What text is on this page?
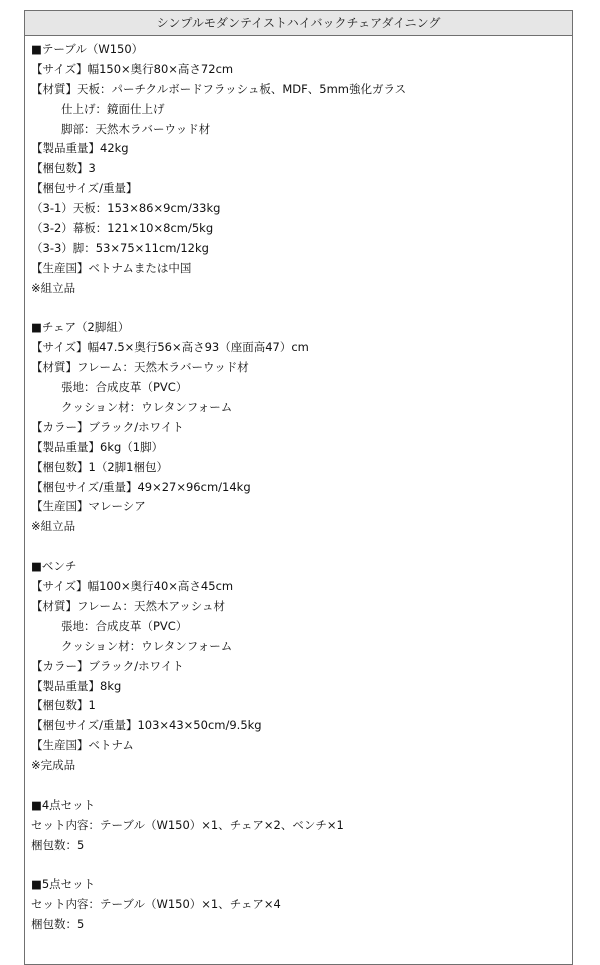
シンプルモダンテイストハイバックチェアダイニング
■テーブル（W150）
【サイズ】幅150×奥行80×高さ72cm
【材質】天板：パーチクルボードフラッシュ板、MDF、5mm強化ガラス
仕上げ：鏡面仕上げ
脚部：天然木ラバーウッド材
【製品重量】42kg
【梱包数】3
【梱包サイズ/重量】
（3-1）天板：153×86×9cm/33kg
（3-2）幕板：121×10×8cm/5kg
（3-3）脚：53×75×11cm/12kg
【生産国】ベトナムまたは中国
※組立品
■チェア（2脚組）
【サイズ】幅47.5×奥行56×高さ93（座面高47）cm
【材質】フレーム：天然木ラバーウッド材
張地：合成皮革（PVC）
クッション材：ウレタンフォーム
【カラー】ブラック/ホワイト
【製品重量】6kg（1脚）
【梱包数】1（2脚1梱包）
【梱包サイズ/重量】49×27×96cm/14kg
【生産国】マレーシア
※組立品
■ベンチ
【サイズ】幅100×奥行40×高さ45cm
【材質】フレーム：天然木アッシュ材
張地：合成皮革（PVC）
クッション材：ウレタンフォーム
【カラー】ブラック/ホワイト
【製品重量】8kg
【梱包数】1
【梱包サイズ/重量】103×43×50cm/9.5kg
【生産国】ベトナム
※完成品
■4点セット
セット内容：テーブル（W150）×1、チェア×2、ベンチ×1
梱包数：5
■5点セット
セット内容：テーブル（W150）×1、チェア×4
梱包数：5
